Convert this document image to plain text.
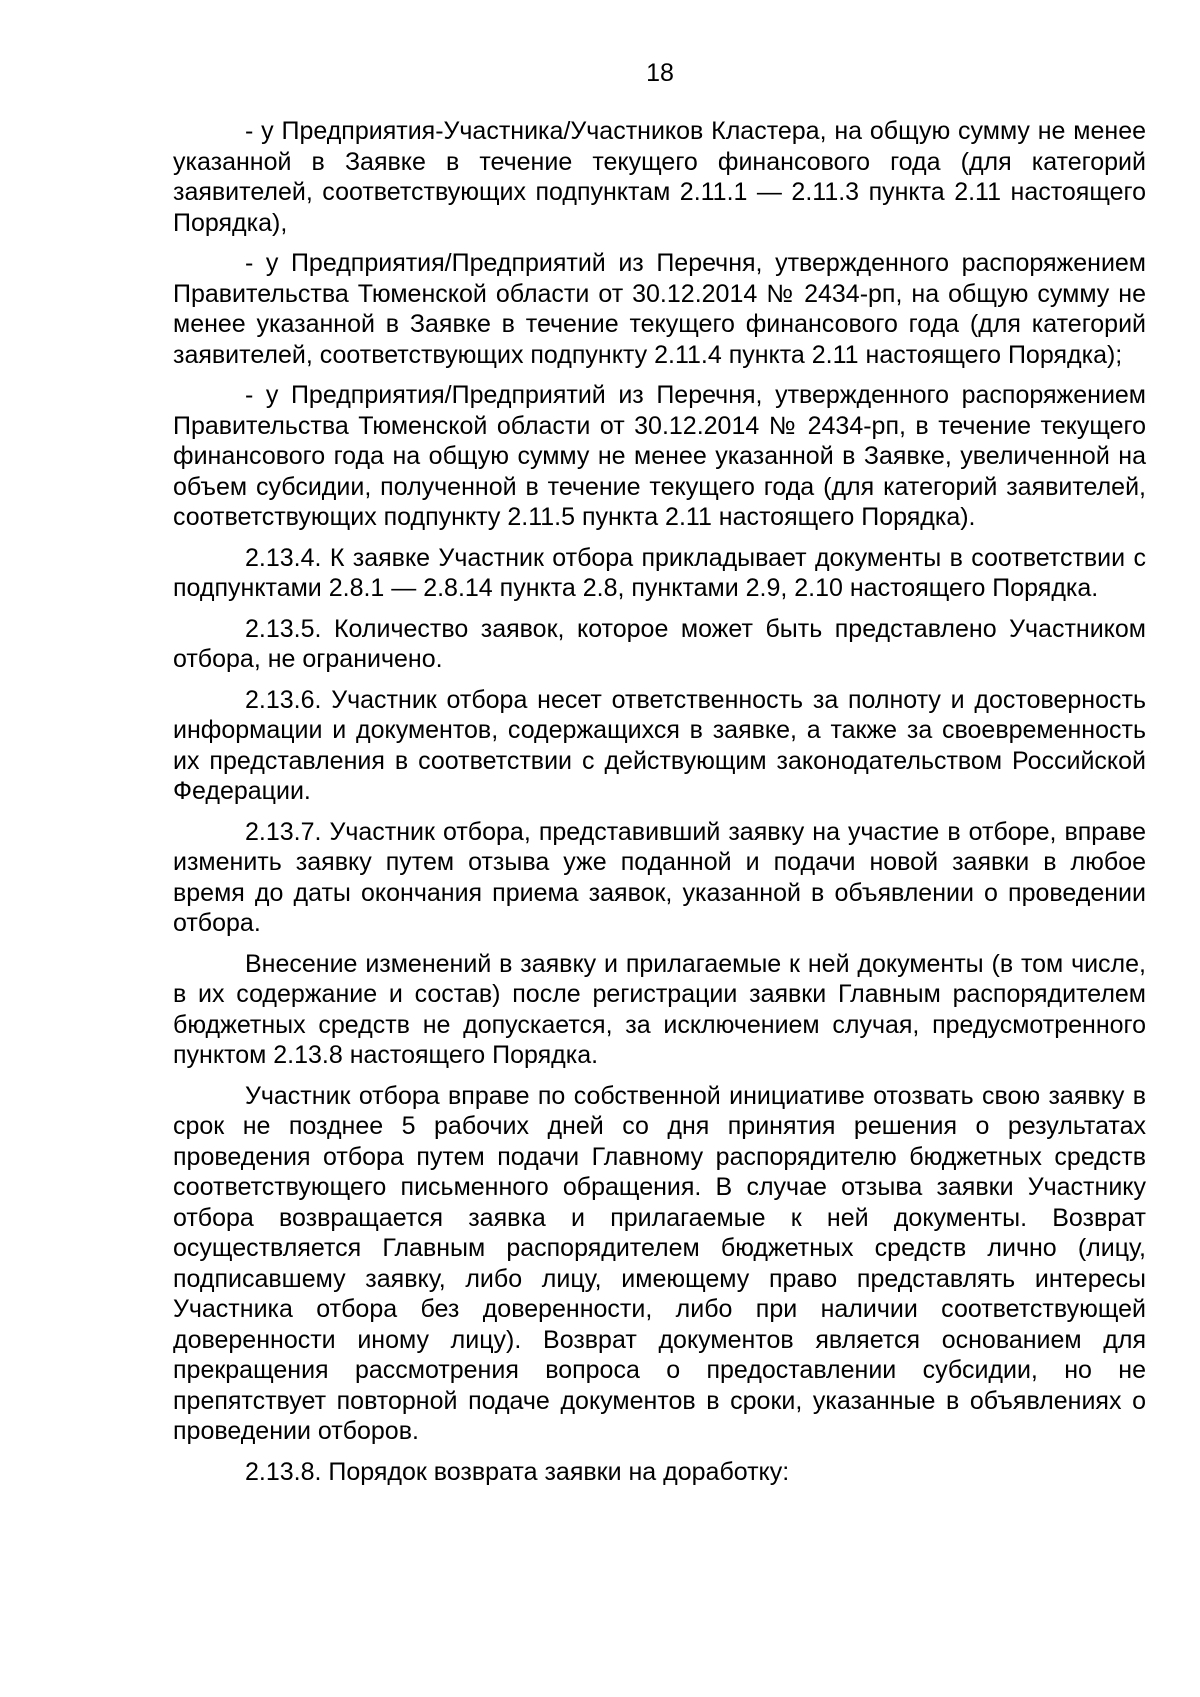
18

- у Предприятия-Участника/Участников Кластера, на общую сумму не менее указанной в Заявке в течение текущего финансового года (для категорий заявителей, соответствующих подпунктам 2.11.1 — 2.11.3 пункта 2.11 настоящего Порядка),

- у Предприятия/Предприятий из Перечня, утвержденного распоряжением Правительства Тюменской области от 30.12.2014 № 2434-рп, на общую сумму не менее указанной в Заявке в течение текущего финансового года (для категорий заявителей, соответствующих подпункту 2.11.4 пункта 2.11 настоящего Порядка);

- у Предприятия/Предприятий из Перечня, утвержденного распоряжением Правительства Тюменской области от 30.12.2014 № 2434-рп, в течение текущего финансового года на общую сумму не менее указанной в Заявке, увеличенной на объем субсидии, полученной в течение текущего года (для категорий заявителей, соответствующих подпункту 2.11.5 пункта 2.11 настоящего Порядка).

2.13.4. К заявке Участник отбора прикладывает документы в соответствии с подпунктами 2.8.1 — 2.8.14 пункта 2.8, пунктами 2.9, 2.10 настоящего Порядка.

2.13.5. Количество заявок, которое может быть представлено Участником отбора, не ограничено.

2.13.6. Участник отбора несет ответственность за полноту и достоверность информации и документов, содержащихся в заявке, а также за своевременность их представления в соответствии с действующим законодательством Российской Федерации.

2.13.7. Участник отбора, представивший заявку на участие в отборе, вправе изменить заявку путем отзыва уже поданной и подачи новой заявки в любое время до даты окончания приема заявок, указанной в объявлении о проведении отбора.

Внесение изменений в заявку и прилагаемые к ней документы (в том числе, в их содержание и состав) после регистрации заявки Главным распорядителем бюджетных средств не допускается, за исключением случая, предусмотренного пунктом 2.13.8 настоящего Порядка.

Участник отбора вправе по собственной инициативе отозвать свою заявку в срок не позднее 5 рабочих дней со дня принятия решения о результатах проведения отбора путем подачи Главному распорядителю бюджетных средств соответствующего письменного обращения. В случае отзыва заявки Участнику отбора возвращается заявка и прилагаемые к ней документы. Возврат осуществляется Главным распорядителем бюджетных средств лично (лицу, подписавшему заявку, либо лицу, имеющему право представлять интересы Участника отбора без доверенности, либо при наличии соответствующей доверенности иному лицу). Возврат документов является основанием для прекращения рассмотрения вопроса о предоставлении субсидии, но не препятствует повторной подаче документов в сроки, указанные в объявлениях о проведении отборов.

2.13.8. Порядок возврата заявки на доработку:
